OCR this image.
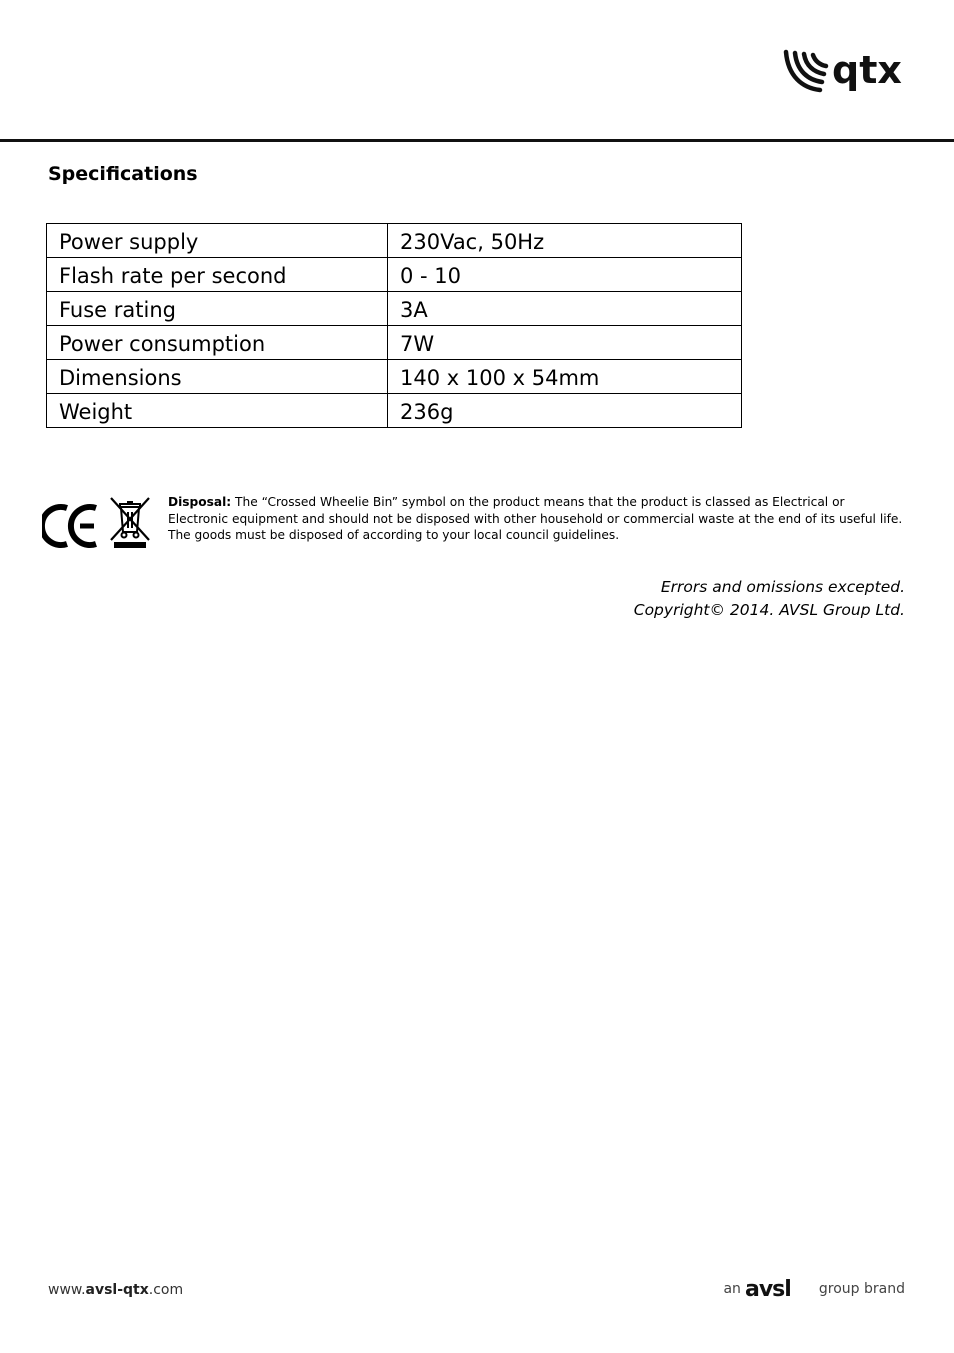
qtx
Specifications
Power supply	230Vac, 50Hz
Flash rate per second	0 - 10
Fuse rating	3A
Power consumption	7W
Dimensions	140 x 100 x 54mm
Weight	236g
Disposal: The “Crossed Wheelie Bin” symbol on the product means that the product is classed as Electrical or Electronic equipment and should not be disposed with other household or commercial waste at the end of its useful life. The goods must be disposed of according to your local council guidelines.
Errors and omissions excepted.
Copyright© 2014. AVSL Group Ltd.
www.avsl-qtx.com	an avsl group brand
